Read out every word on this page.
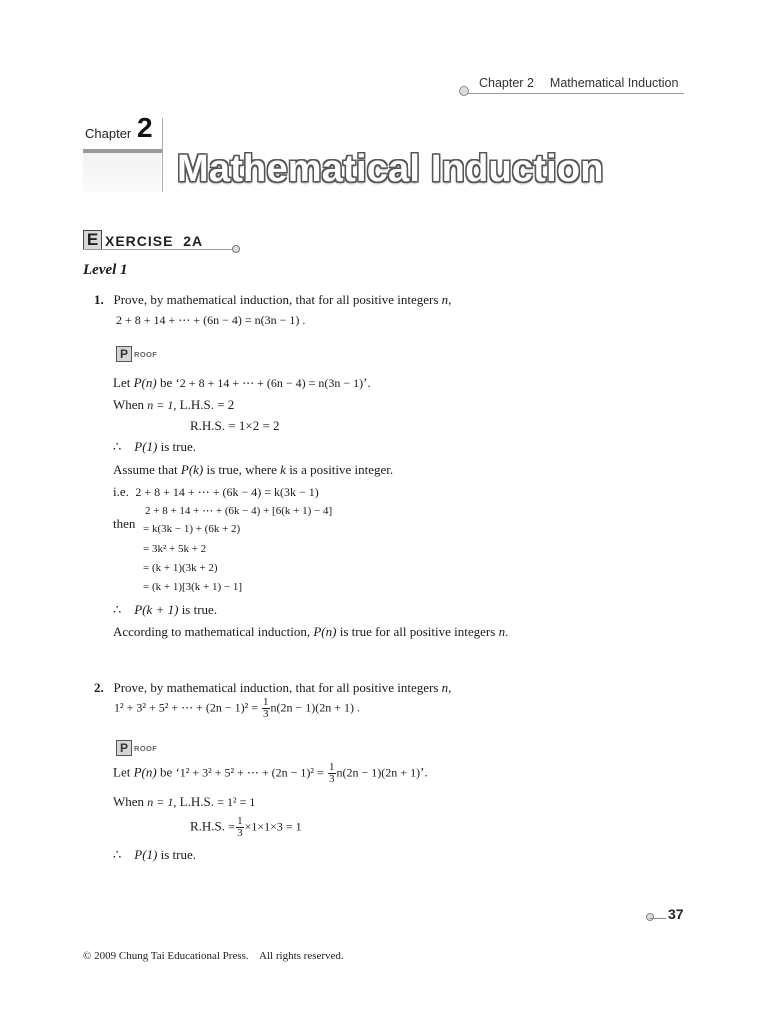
Chapter 2 Mathematical Induction
Chapter 2
Mathematical Induction
E XERCISE 2A
Level 1
1. Prove, by mathematical induction, that for all positive integers n,
2 + 8 + 14 + ⋯ + (6n − 4) = n(3n − 1) .
P ROOF
Let P(n) be ‘2 + 8 + 14 + ⋯ + (6n − 4) = n(3n − 1)’.
When n = 1, L.H.S. = 2
R.H.S. = 1×2 = 2
∴ P(1) is true.
Assume that P(k) is true, where k is a positive integer.
i.e. 2 + 8 + 14 + ⋯ + (6k − 4) = k(3k − 1)
2 + 8 + 14 + ⋯ + (6k − 4) + [6(k + 1) − 4]
then = k(3k − 1) + (6k + 2)
= 3k² + 5k + 2
= (k + 1)(3k + 2)
= (k + 1)[3(k + 1) − 1]
∴ P(k + 1) is true.
According to mathematical induction, P(n) is true for all positive integers n.
2. Prove, by mathematical induction, that for all positive integers n,
1² + 3² + 5² + ⋯ + $(2n - 1)^2 = \frac{1}{3} n(2n - 1)(2n + 1)$ .
P ROOF
Let P(n) be ‘1² + 3² + 5² + ⋯ + $(2n - 1)^2 = \frac{1}{3} n(2n - 1)(2n + 1)$’.
When n = 1, L.H.S. = 1² = 1
R.H.S. = $\frac{1}{3} \times 1\times 1\times 3 = 1$
∴ P(1) is true.
37
© 2009 Chung Tai Educational Press.    All rights reserved.
